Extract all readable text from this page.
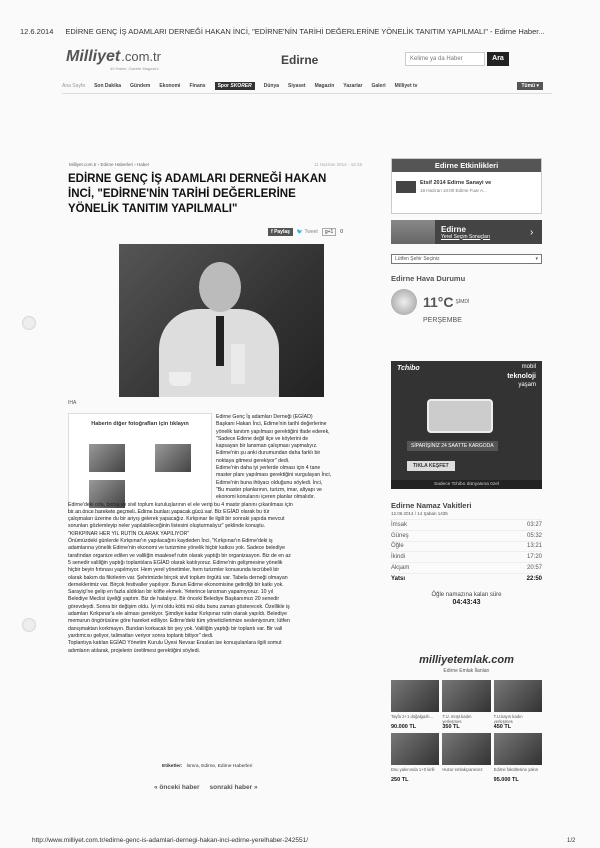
12.6.2014 EDİRNE GENÇ İŞ ADAMLARI DERNEĞİ HAKAN İNCİ, "EDİRNE'NİN TARİHİ DEĞERLERİNE YÖNELİK TANITIM YAPILMALI" - Edirne Haber...
Milliyet .com.tr
40 Haber, Gazete Magazini
Edirne	Kelime ya da Haber	Ara
Ana Sayfa Son Dakika Gündem Ekonomi Finans	Spor SKORER	Dünya Siyaset Magazin Yazarlar Galeri Milliyet tv	Tümü ▾
Milliyet.com.tr › Edirne Haberleri › Haber	11 Haziran 2014 - 16:19
EDİRNE GENÇ İŞ ADAMLARI DERNEĞİ HAKAN İNCİ, "EDİRNE'NİN TARİHİ DEĞERLERİNE YÖNELİK TANITIM YAPILMALI"
f Paylaş	🐦 Tweet	g+1	0
IHA
Haberin diğer fotoğrafları için tıklayın

Edirne Genç İş adamları Derneği (EGİAD)

Başkanı Hakan İnci, Edirne'nin tarihi değerlerine

yönelik tanıtım yapılması gerektiğini ifade ederek,

"Sadece Edirne değil ilçe ve köylerini de

kapsayan bir lansman çalışması yapmalıyız.

Edirne'nin şu anki durumundan daha farklı bir

noktaya gitmesi gerekiyor" dedi.

Edirne'nin daha iyi yerlerde olması için 4 tane

master planı yapılması gerektiğini vurgulayan İnci,

Edirne'nin buna ihtiyacı olduğunu söyledi. İnci,

"Bu master planlarının, turizm, imar, altyapı ve

ekonomi konularını içeren planlar olmalıdır.

Edirne'deki oda, borsa ve sivil toplum kuruluşlarının el ele verip bu 4 mastır planını çıkarılması için

bir an önce harekete geçmeli. Edirne bunları yapacak gücü var. Biz EGİAD olarak bu tür

çalışmaları üzerine du bir ariyış gelerek yapacağız. Kırkpınar ile ilgili bir sonraki yapıda mevcut

sorunları gözlemleyip neler yapılabileceğinin listesini oluşturmalıyız" şeklinde konuştu.

"KIRKPINAR HER YIL RUTİN OLARAK YAPILIYOR"

Önümüzdeki günlerde Kırkpınar'ın yapılacağını kaydeden İnci, "Kırkpınar'ın Edirne'deki iş

adamlarına yönelik Edirne'nin ekonomi ve turizmine yönelik hiçbir katkısı yok. Sadece belediye

tarafından organize edilen ve valiliğin maalesef rutin olarak yaptığı bir organizasyon. Biz de en az

5 senedir valiliğin yaptığı toplantılara EGİAD olarak katılıyoruz. Edirne'nin gelişmesine yönelik

hiçbir beyin fırtınası yapılmıyor. Hem yerel yönetimler, hem turizmler konusunda tecrübeli bir

olarak bakım da fikirlerim var. Şehrimizde birçok sivil toplum örgütü var. Tabela derneği olmayan

derneklerimiz var. Birçok festivaller yapılıyor. Bunun Edirne ekonomisine getirdiği bir katkı yok.

Sarayiçi'ne gelip en fazla aldıkları bir köfte ekmek. Yeterince lansman yapamıyoruz. 10 yıl

Belediye Meclisi üyeliği yaptım. Biz de hatalıyız. Bir önceki Belediye Başkanımızı 20 senedir

görevdeydi. Sonra bir değişim oldu. İyi mi oldu kötü mü oldu bunu zaman gösterecek. Özellikle iş

adamları Kırkpınar'a ele alması gerekiyor. Şimdiye kadar Kırkpınar rutin olarak yapıldı. Belediye

memurun öngörüsüne göre hareket ediliyor. Edirne'deki tüm yöneticilerimize sesleniyorum; lütfen

danışmaktan korkmayın. Bundan korkacak bir şey yok. Valiliğin yaptığı bir toplantı var. Bir vali

yardımcısı geliyor, talimatları veriyor sonra toplantı bitiyor" dedi.

Toplantıya katılan EGİAD Yönetim Kurulu Üyesi Nevsar Eraslan ise konuşulanlara ilgili somut

adımların atılarak, projelerin üretilmesi gerektiğini söyledi.

Etiketler: İsmra, Edirne, Edirne Haberleri
« önceki haber sonraki haber »
Edirne Etkinlikleri
Etsif 2014 Edirne Sanayi ve
18 Haziran 10:00 Edirne Fuar A...
Edirne
Yerel Seçim Sonuçları	›
Lütfen Şehir Seçiniz	▾
Edirne Hava Durumu
11°C ŞİMDİ
PERŞEMBE
Tchibo	mobil
teknoloji
yaşam
SİPARİŞİNİZ 24 SAATTE KARGODA
TIKLA KEŞFET
Sadece Tchibo dünyasına özel
Edirne Namaz Vakitleri
12.06.2014 / 14 Şaban 1435
İmsak	03:27
Güneş	05:32
Öğle	13:21
İkindi	17:20
Akşam	20:57
Yatsı	22:50
Öğle namazına kalan süre
04:43:43
milliyetemlak.com
Edirne Emlak İlanları
Tayfa 2+1 doğalgazlı...
90.000 TL
T.U. müşt.kadın yerleşmes
350 TL
T.U.kayın kadın yerleşmes
450 TL
Dsu yakınında 1+0 kirlil
250 TL
Huzur emlakçıanecez	Edirne fakültesine yakın
95.000 TL
http://www.milliyet.com.tr/edirne-genc-is-adamlari-dernegi-hakan-inci-edirne-yerelhaber-242551/	1/2
